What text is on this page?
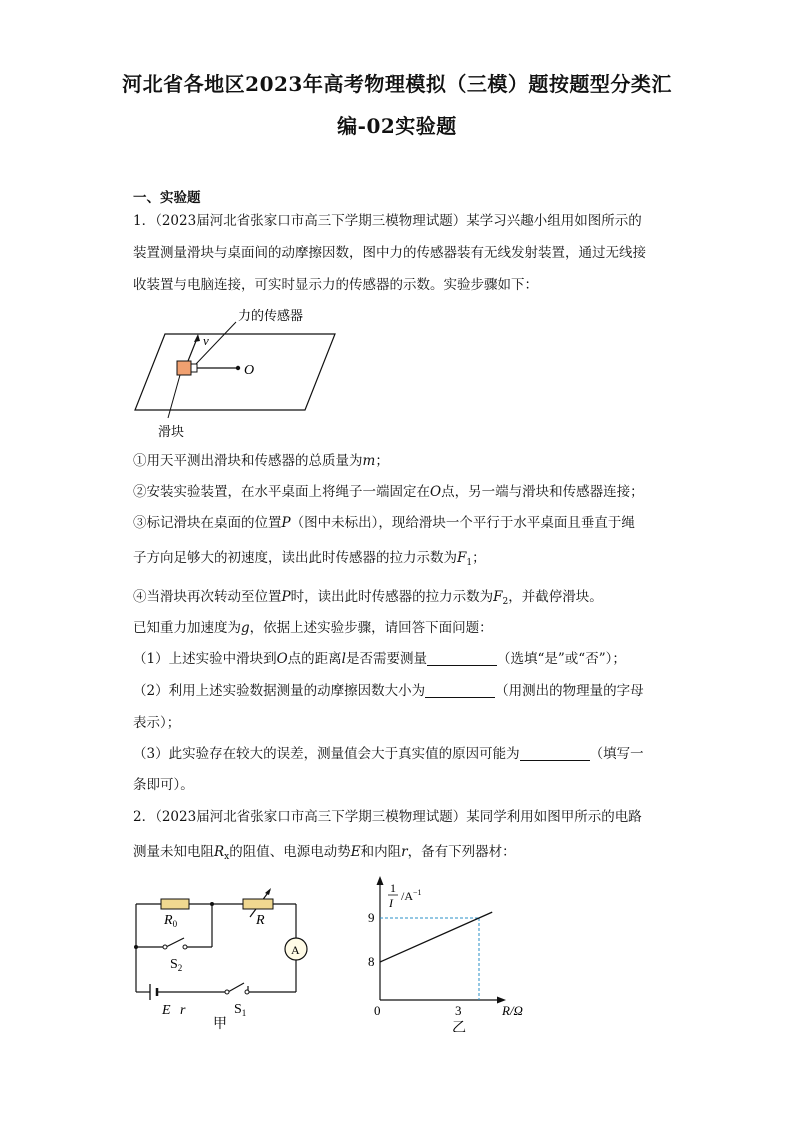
河北省各地区2023年高考物理模拟（三模）题按题型分类汇
编-02实验题
一、实验题
1．（2023届河北省张家口市高三下学期三模物理试题）某学习兴趣小组用如图所示的
装置测量滑块与桌面间的动摩擦因数，图中力的传感器装有无线发射装置，通过无线接
收装置与电脑连接，可实时显示力的传感器的示数。实验步骤如下：
v
O
力的传感器
滑块
①用天平测出滑块和传感器的总质量为m；
②安装实验装置，在水平桌面上将绳子一端固定在O点，另一端与滑块和传感器连接；
③标记滑块在桌面的位置P（图中未标出），现给滑块一个平行于水平桌面且垂直于绳
子方向足够大的初速度，读出此时传感器的拉力示数为$F_1$；
④当滑块再次转动至位置P时，读出此时传感器的拉力示数为$F_2$，并截停滑块。
已知重力加速度为g，依据上述实验步骤，请回答下面问题：
（1）上述实验中滑块到O点的距离l是否需要测量	（选填“是”或“否”）；
（2）利用上述实验数据测量的动摩擦因数大小为	（用测出的物理量的字母
表示）；
（3）此实验存在较大的误差，测量值会大于真实值的原因可能为	（填写一
条即可）。
2．（2023届河北省张家口市高三下学期三模物理试题）某同学利用如图甲所示的电路
测量未知电阻$R_x$的阻值、电源电动势E和内阻r，备有下列器材：
$R_0$	R
A
$S_2$
$S_1$
E r
甲
1
I $/A^{-1}$
9
8
0	3	R/Ω
乙
